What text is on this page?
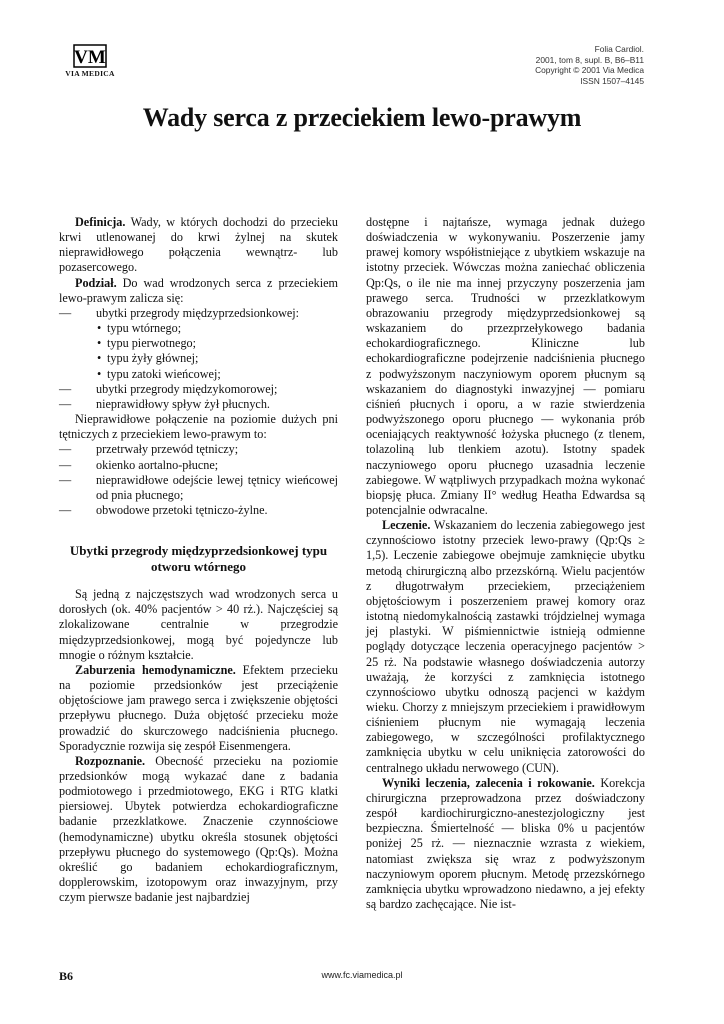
VM
VIA MEDICA
Folia Cardiol.
2001, tom 8, supl. B, B6–B11
Copyright © 2001 Via Medica
ISSN 1507–4145
Wady serca z przeciekiem lewo-prawym

Definicja. Wady, w których dochodzi do przecieku krwi utlenowanej do krwi żylnej na skutek nieprawidłowego połączenia wewnątrz- lub pozasercowego.

Podział. Do wad wrodzonych serca z przeciekiem lewo-prawym zalicza się:

—	ubytki przegrody międzyprzedsionkowej:
• typu wtórnego;
• typu pierwotnego;
• typu żyły głównej;
• typu zatoki wieńcowej;
—	ubytki przegrody międzykomorowej;
—	nieprawidłowy spływ żył płucnych.

Nieprawidłowe połączenie na poziomie dużych pni tętniczych z przeciekiem lewo-prawym to:

—	przetrwały przewód tętniczy;
—	okienko aortalno-płucne;
—	nieprawidłowe odejście lewej tętnicy wieńcowej od pnia płucnego;
—	obwodowe przetoki tętniczo-żylne.
Ubytki przegrody międzyprzedsionkowej typu otworu wtórnego

Są jedną z najczęstszych wad wrodzonych serca u dorosłych (ok. 40% pacjentów > 40 rż.). Najczęściej są zlokalizowane centralnie w przegrodzie międzyprzedsionkowej, mogą być pojedyncze lub mnogie o różnym kształcie.

Zaburzenia hemodynamiczne. Efektem przecieku na poziomie przedsionków jest przeciążenie objętościowe jam prawego serca i zwiększenie objętości przepływu płucnego. Duża objętość przecieku może prowadzić do skurczowego nadciśnienia płucnego. Sporadycznie rozwija się zespół Eisenmengera.

Rozpoznanie. Obecność przecieku na poziomie przedsionków mogą wykazać dane z badania podmiotowego i przedmiotowego, EKG i RTG klatki piersiowej. Ubytek potwierdza echokardiograficzne badanie przezklatkowe. Znaczenie czynnościowe (hemodynamiczne) ubytku określa stosunek objętości przepływu płucnego do systemowego (Qp:Qs). Można określić go badaniem echokardiograficznym, dopplerowskim, izotopowym oraz inwazyjnym, przy czym pierwsze badanie jest najbardziej

dostępne i najtańsze, wymaga jednak dużego doświadczenia w wykonywaniu. Poszerzenie jamy prawej komory współistniejące z ubytkiem wskazuje na istotny przeciek. Wówczas można zaniechać obliczenia Qp:Qs, o ile nie ma innej przyczyny poszerzenia jam prawego serca. Trudności w przezklatkowym obrazowaniu przegrody międzyprzedsionkowej są wskazaniem do przezprzełykowego badania echokardiograficznego. Kliniczne lub echokardiograficzne podejrzenie nadciśnienia płucnego z podwyższonym naczyniowym oporem płucnym są wskazaniem do diagnostyki inwazyjnej — pomiaru ciśnień płucnych i oporu, a w razie stwierdzenia podwyższonego oporu płucnego — wykonania prób oceniających reaktywność łożyska płucnego (z tlenem, tolazoliną lub tlenkiem azotu). Istotny spadek naczyniowego oporu płucnego uzasadnia leczenie zabiegowe. W wątpliwych przypadkach można wykonać biopsję płuca. Zmiany II° według Heatha Edwardsa są potencjalnie odwracalne.

Leczenie. Wskazaniem do leczenia zabiegowego jest czynnościowo istotny przeciek lewo-prawy (Qp:Qs ≥ 1,5). Leczenie zabiegowe obejmuje zamknięcie ubytku metodą chirurgiczną albo przezskórną. Wielu pacjentów z długotrwałym przeciekiem, przeciążeniem objętościowym i poszerzeniem prawej komory oraz istotną niedomykalnością zastawki trójdzielnej wymaga jej plastyki. W piśmiennictwie istnieją odmienne poglądy dotyczące leczenia operacyjnego pacjentów > 25 rż. Na podstawie własnego doświadczenia autorzy uważają, że korzyści z zamknięcia istotnego czynnościowo ubytku odnoszą pacjenci w każdym wieku. Chorzy z mniejszym przeciekiem i prawidłowym ciśnieniem płucnym nie wymagają leczenia zabiegowego, w szczególności profilaktycznego zamknięcia ubytku w celu uniknięcia zatorowości do centralnego układu nerwowego (CUN).

Wyniki leczenia, zalecenia i rokowanie. Korekcja chirurgiczna przeprowadzona przez doświadczony zespół kardiochirurgiczno-anestezjologiczny jest bezpieczna. Śmiertelność — bliska 0% u pacjentów poniżej 25 rż. — nieznacznie wzrasta z wiekiem, natomiast zwiększa się wraz z podwyższonym naczyniowym oporem płucnym. Metodę przezskórnego zamknięcia ubytku wprowadzono niedawno, a jej efekty są bardzo zachęcające. Nie ist-

B6	www.fc.viamedica.pl
